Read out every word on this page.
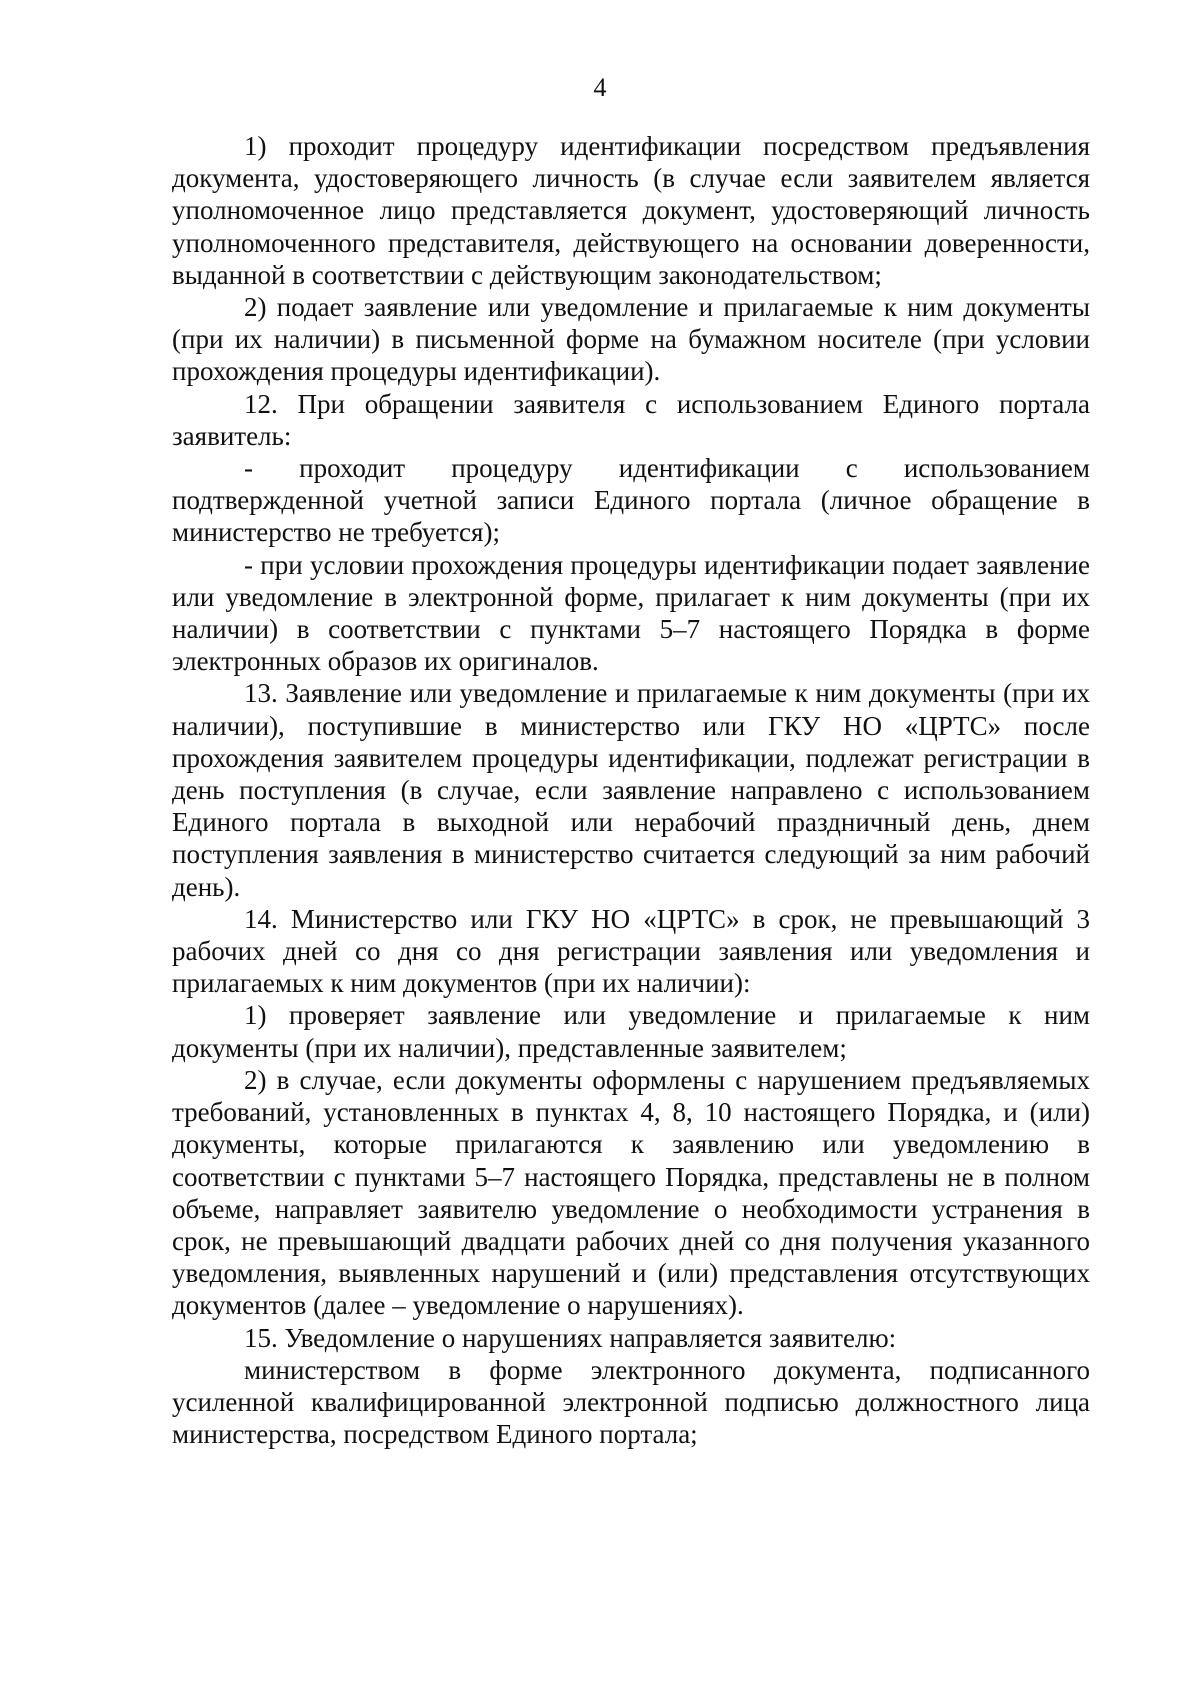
4

1) проходит процедуру идентификации посредством предъявления документа, удостоверяющего личность (в случае если заявителем является уполномоченное лицо представляется документ, удостоверяющий личность уполномоченного представителя, действующего на основании доверенности, выданной в соответствии с действующим законодательством;

2) подает заявление или уведомление и прилагаемые к ним документы (при их наличии) в письменной форме на бумажном носителе (при условии прохождения процедуры идентификации).

12. При обращении заявителя с использованием Единого портала заявитель:

- проходит процедуру идентификации с использованием подтвержденной учетной записи Единого портала (личное обращение в министерство не требуется);

- при условии прохождения процедуры идентификации подает заявление или уведомление в электронной форме, прилагает к ним документы (при их наличии) в соответствии с пунктами 5–7 настоящего Порядка в форме электронных образов их оригиналов.

13. Заявление или уведомление и прилагаемые к ним документы (при их наличии), поступившие в министерство или ГКУ НО «ЦРТС» после прохождения заявителем процедуры идентификации, подлежат регистрации в день поступления (в случае, если заявление направлено с использованием Единого портала в выходной или нерабочий праздничный день, днем поступления заявления в министерство считается следующий за ним рабочий день).

14. Министерство или ГКУ НО «ЦРТС» в срок, не превышающий 3 рабочих дней со дня со дня регистрации заявления или уведомления и прилагаемых к ним документов (при их наличии):

1) проверяет заявление или уведомление и прилагаемые к ним документы (при их наличии), представленные заявителем;

2) в случае, если документы оформлены с нарушением предъявляемых требований, установленных в пунктах 4, 8, 10 настоящего Порядка, и (или) документы, которые прилагаются к заявлению или уведомлению в соответствии с пунктами 5–7 настоящего Порядка, представлены не в полном объеме, направляет заявителю уведомление о необходимости устранения в срок, не превышающий двадцати рабочих дней со дня получения указанного уведомления, выявленных нарушений и (или) представления отсутствующих документов (далее – уведомление о нарушениях).

15. Уведомление о нарушениях направляется заявителю:

министерством в форме электронного документа, подписанного усиленной квалифицированной электронной подписью должностного лица министерства, посредством Единого портала;
